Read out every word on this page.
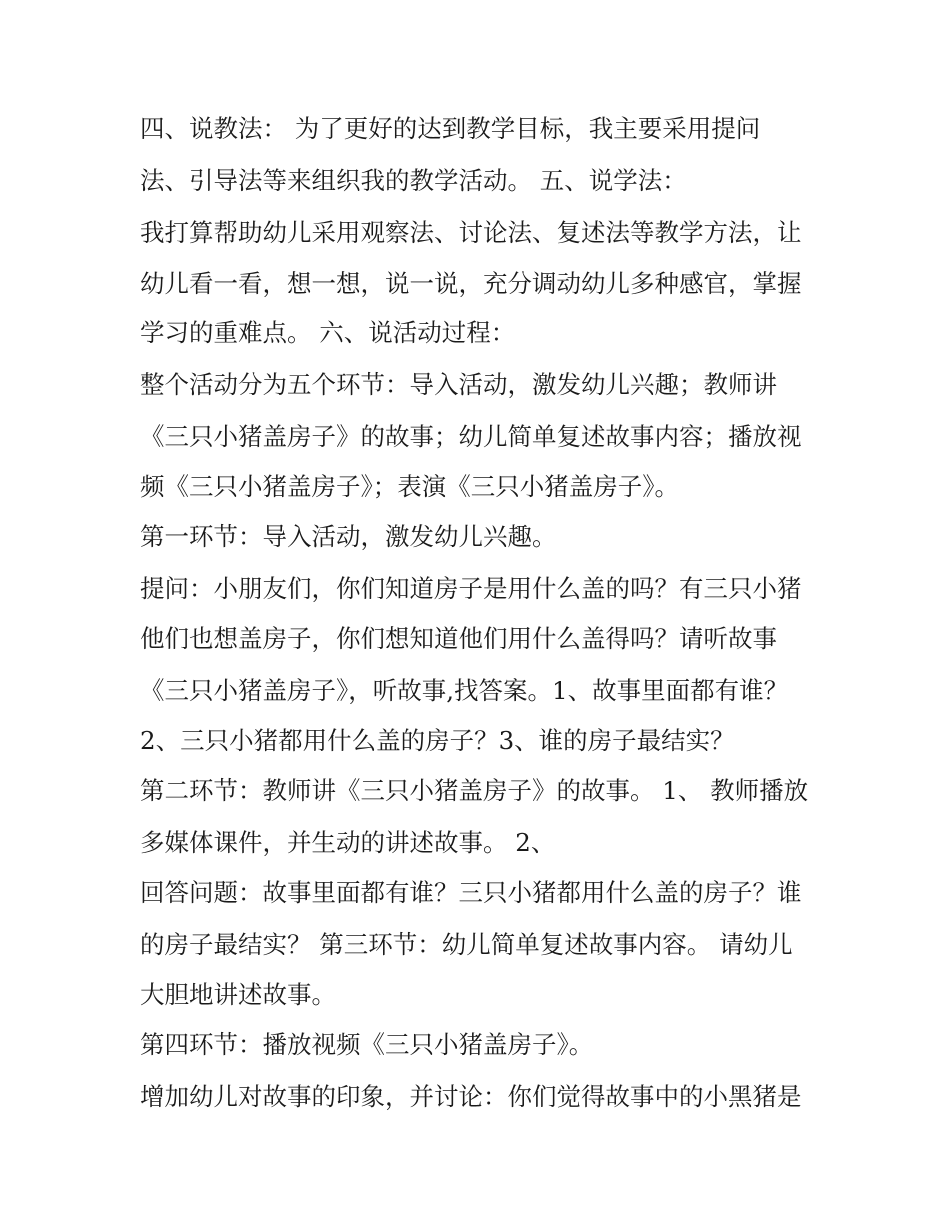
四、说教法： 为了更好的达到教学目标，我主要采用提问

法、引导法等来组织我的教学活动。 五、说学法：

我打算帮助幼儿采用观察法、讨论法、复述法等教学方法，让

幼儿看一看，想一想，说一说，充分调动幼儿多种感官，掌握

学习的重难点。 六、说活动过程：

整个活动分为五个环节：导入活动，激发幼儿兴趣；教师讲

《三只小猪盖房子》的故事；幼儿简单复述故事内容；播放视

频《三只小猪盖房子》；表演《三只小猪盖房子》。

第一环节：导入活动，激发幼儿兴趣。

提问：小朋友们，你们知道房子是用什么盖的吗？有三只小猪

他们也想盖房子，你们想知道他们用什么盖得吗？请听故事

《三只小猪盖房子》，听故事,找答案。1、故事里面都有谁？

2、三只小猪都用什么盖的房子？3、谁的房子最结实？

第二环节：教师讲《三只小猪盖房子》的故事。 1、 教师播放

多媒体课件，并生动的讲述故事。 2、

回答问题：故事里面都有谁？三只小猪都用什么盖的房子？谁

的房子最结实？ 第三环节：幼儿简单复述故事内容。 请幼儿

大胆地讲述故事。

第四环节：播放视频《三只小猪盖房子》。

增加幼儿对故事的印象，并讨论：你们觉得故事中的小黑猪是
